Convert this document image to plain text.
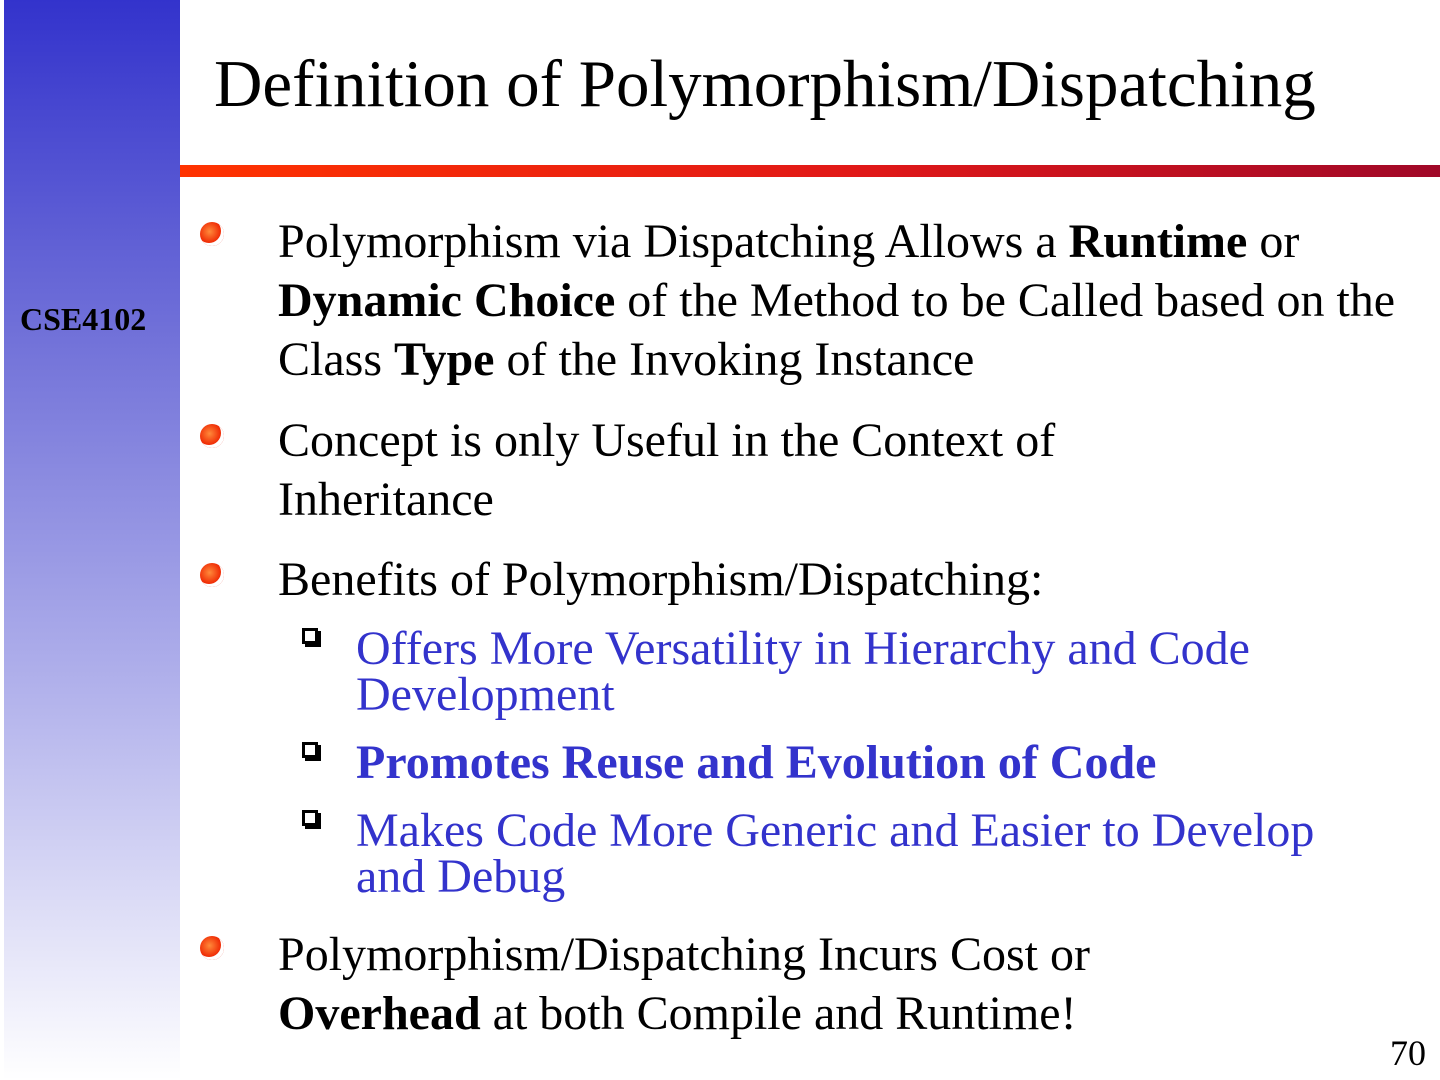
CSE4102
Definition of Polymorphism/Dispatching
Polymorphism via Dispatching Allows a Runtime or Dynamic Choice of the Method to be Called based on the Class Type of the Invoking Instance
Concept is only Useful in the Context of Inheritance
Benefits of Polymorphism/Dispatching:
Offers More Versatility in Hierarchy and Code Development
Promotes Reuse and Evolution of Code
Makes Code More Generic and Easier to Develop and Debug
Polymorphism/Dispatching Incurs Cost or Overhead at both Compile and Runtime!
70
